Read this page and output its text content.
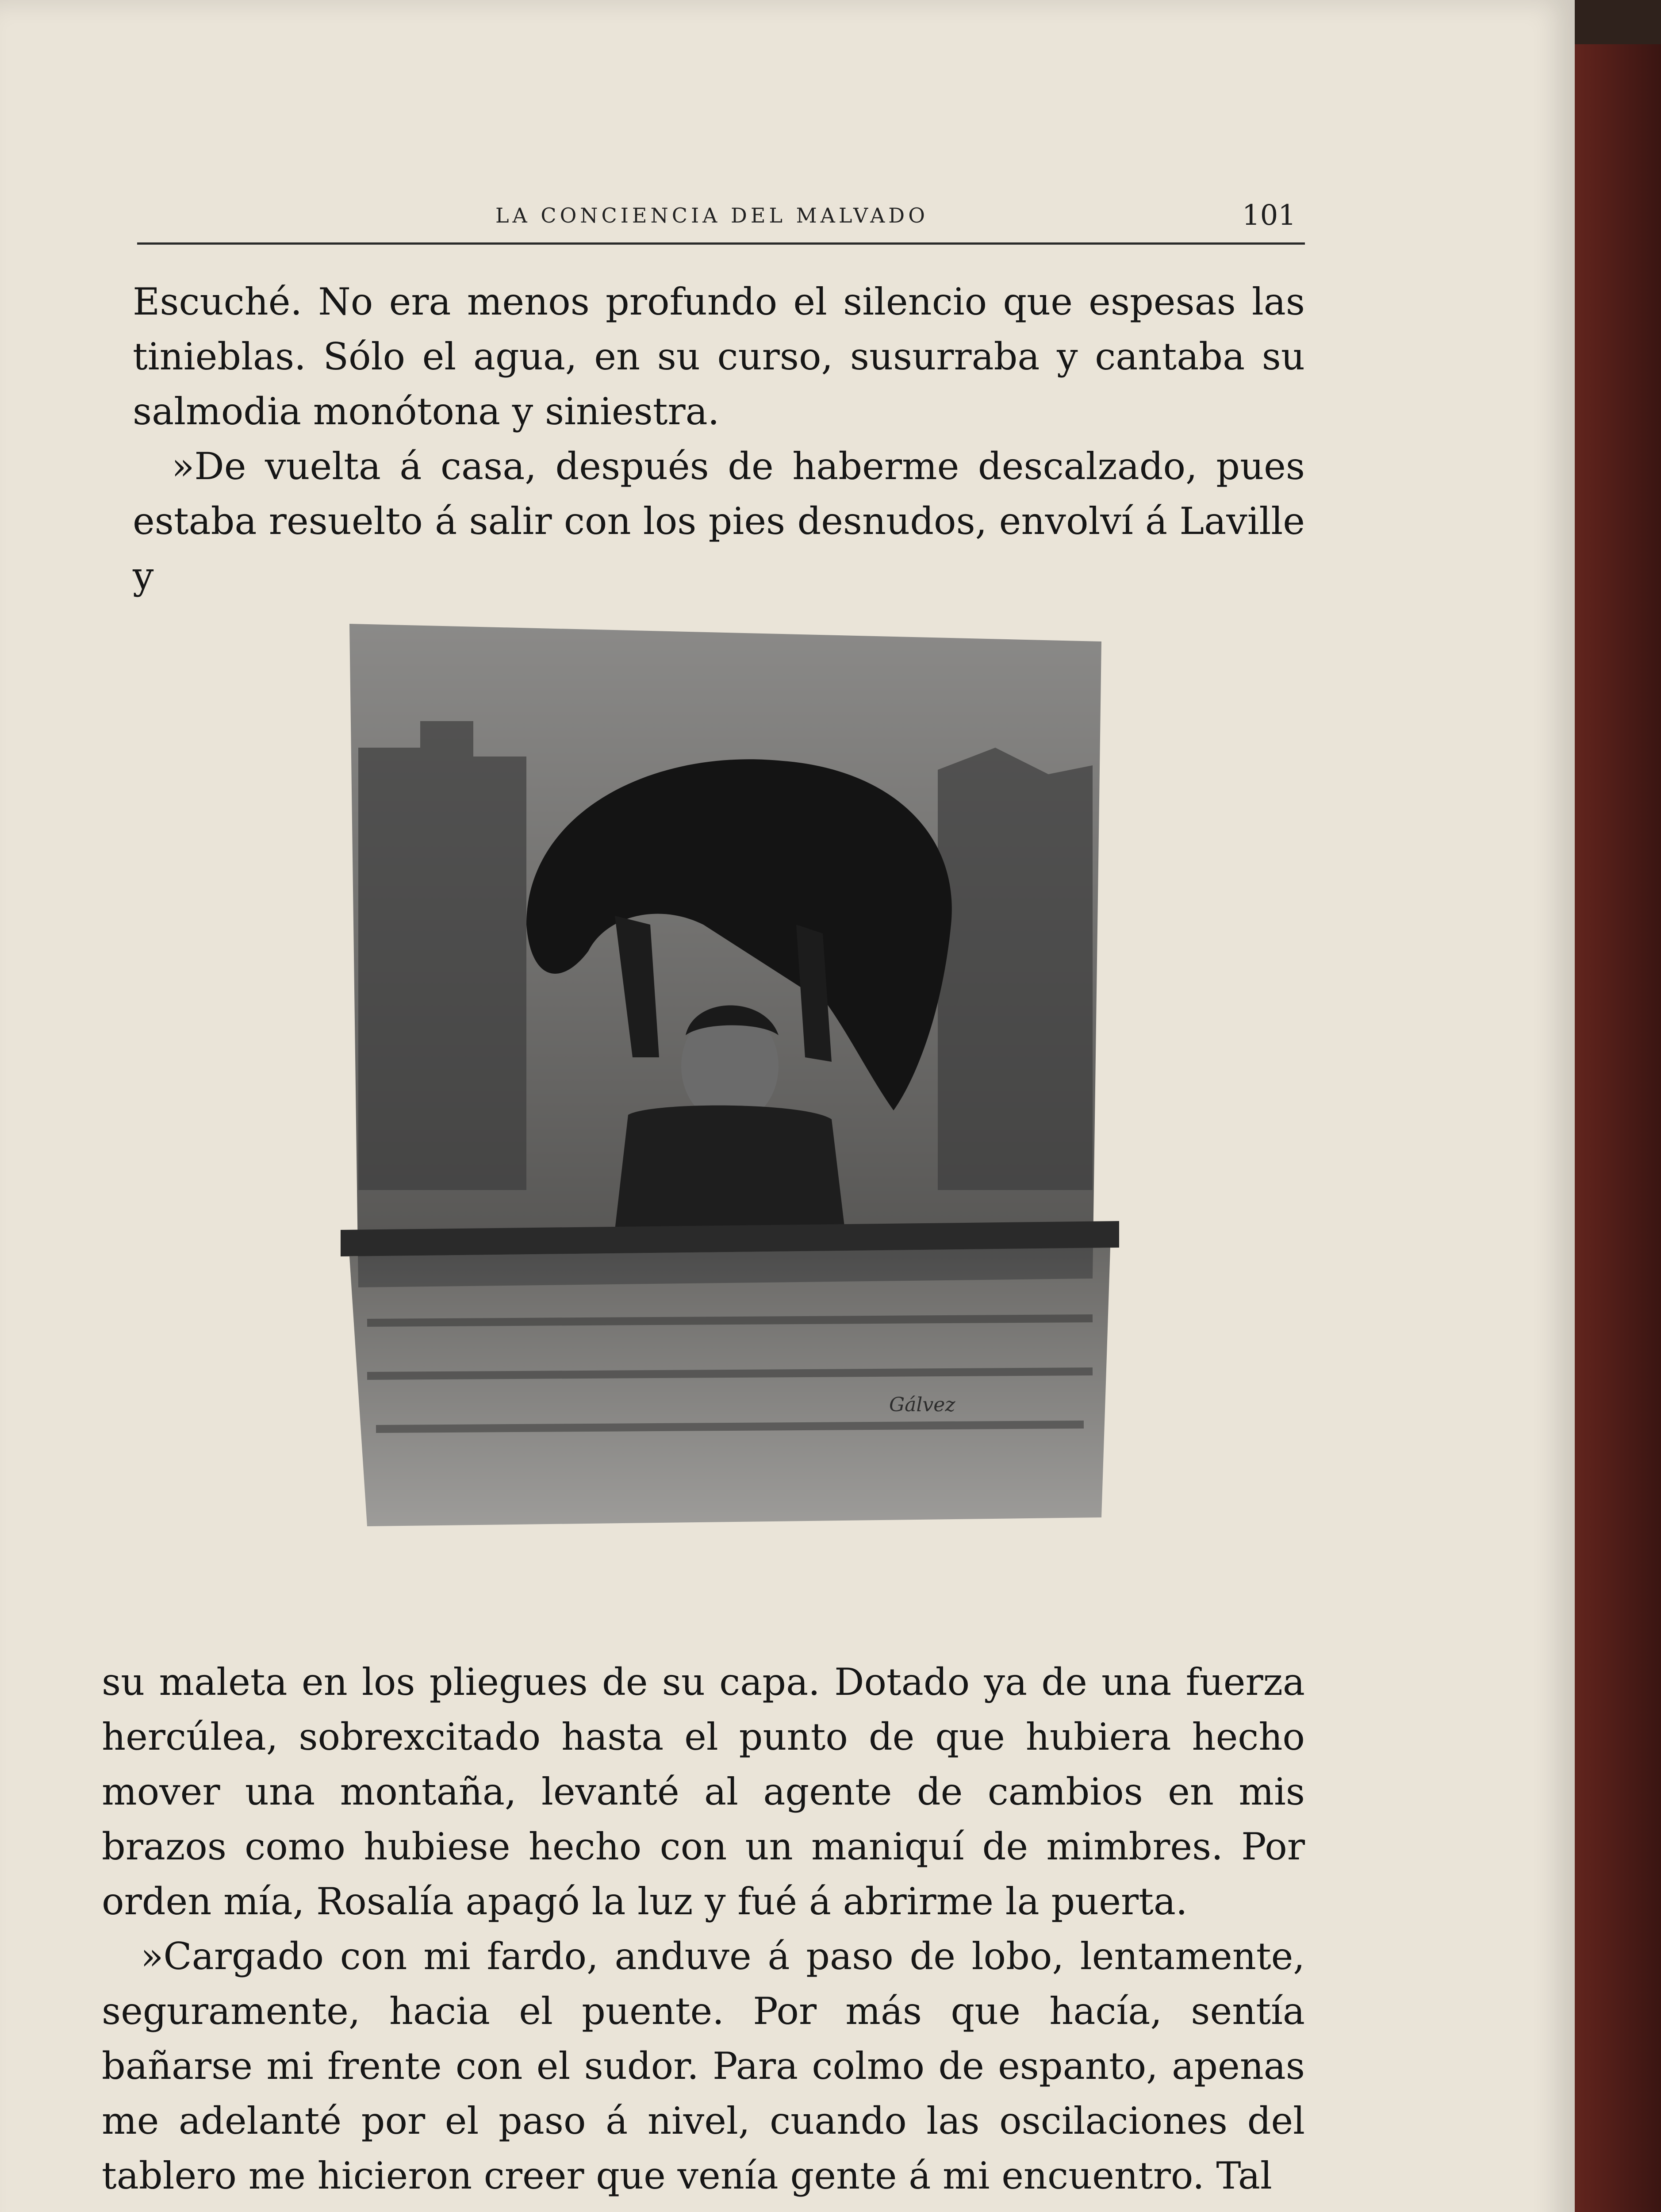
LA CONCIENCIA DEL MALVADO	101

Escuché. No era menos profundo el silencio que espesas las tinieblas. Sólo el agua, en su curso, susurraba y cantaba su salmodia monótona y siniestra.

»De vuelta á casa, después de haberme descalzado, pues estaba resuelto á salir con los pies desnudos, envolví á Laville y

Gálvez

su maleta en los pliegues de su capa. Dotado ya de una fuerza hercúlea, sobrexcitado hasta el punto de que hubiera hecho mover una montaña, levanté al agente de cambios en mis brazos como hubiese hecho con un maniquí de mimbres. Por orden mía, Rosalía apagó la luz y fué á abrirme la puerta.

»Cargado con mi fardo, anduve á paso de lobo, lentamente, seguramente, hacia el puente. Por más que hacía, sentía bañarse mi frente con el sudor. Para colmo de espanto, apenas me adelanté por el paso á nivel, cuando las oscilaciones del tablero me hicieron creer que venía gente á mi encuentro. Tal
